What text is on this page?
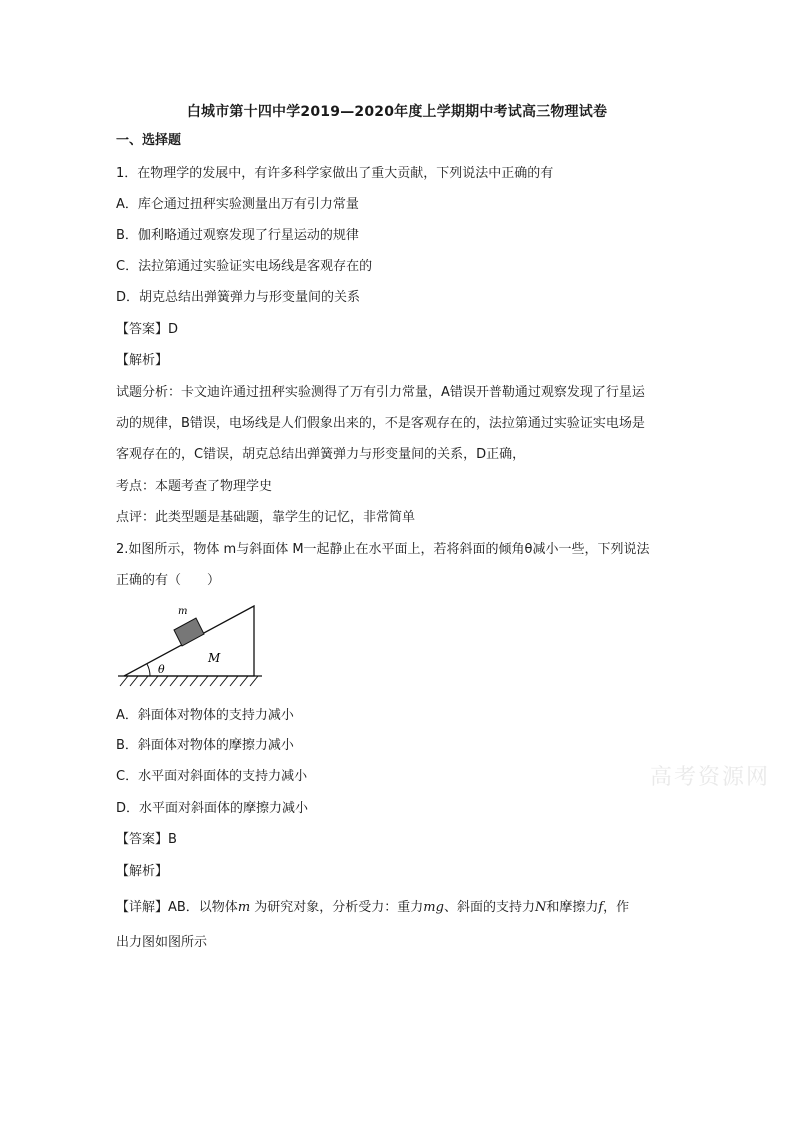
白城市第十四中学2019—2020年度上学期期中考试高三物理试卷
一、选择题
1．在物理学的发展中，有许多科学家做出了重大贡献，下列说法中正确的有
A．库仑通过扭秤实验测量出万有引力常量
B．伽利略通过观察发现了行星运动的规律
C．法拉第通过实验证实电场线是客观存在的
D．胡克总结出弹簧弹力与形变量间的关系
【答案】D
【解析】
试题分析：卡文迪许通过扭秤实验测得了万有引力常量，A错误开普勒通过观察发现了行星运
动的规律，B错误，电场线是人们假象出来的，不是客观存在的，法拉第通过实验证实电场是
客观存在的，C错误，胡克总结出弹簧弹力与形变量间的关系，D正确，
考点：本题考查了物理学史
点评：此类型题是基础题，靠学生的记忆，非常简单
2.如图所示，物体 m与斜面体 M一起静止在水平面上，若将斜面的倾角θ减小一些，下列说法
正确的有（　　）
m
M
θ
A．斜面体对物体的支持力减小
B．斜面体对物体的摩擦力减小
C．水平面对斜面体的支持力减小
D．水平面对斜面体的摩擦力减小
【答案】B
【解析】
【详解】AB．以物体m 为研究对象，分析受力：重力mg、斜面的支持力N和摩擦力f，作
出力图如图所示
高考资源网
